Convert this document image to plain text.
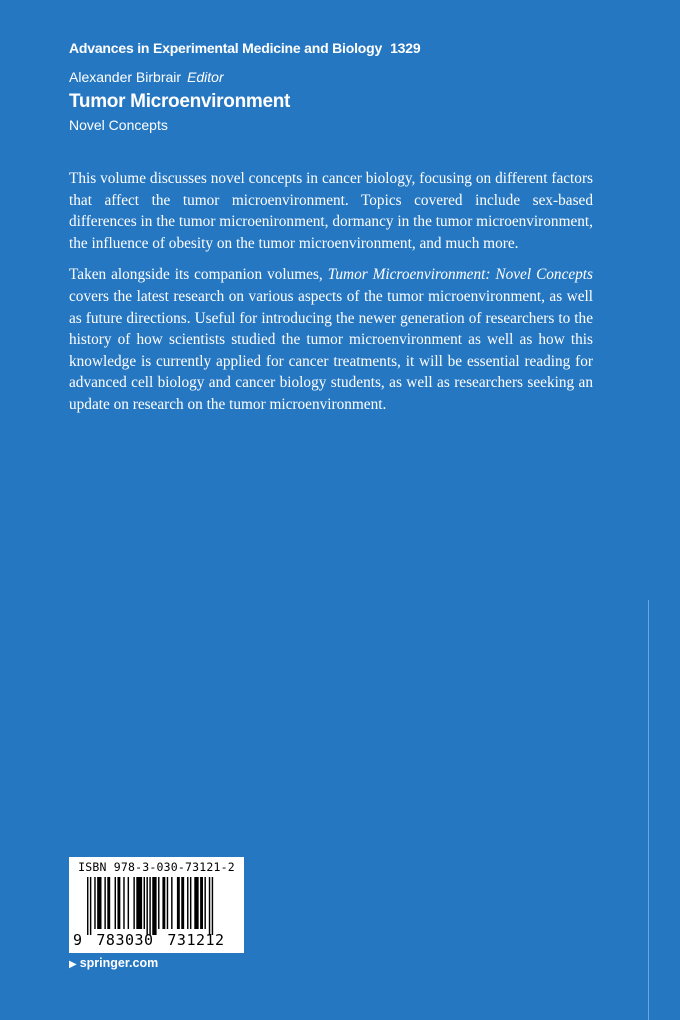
Advances in Experimental Medicine and Biology 1329
Alexander Birbrair Editor
Tumor Microenvironment
Novel Concepts

This volume discusses novel concepts in cancer biology, focusing on different factors that affect the tumor microenvironment. Topics covered include sex-based differences in the tumor microenironment, dormancy in the tumor microenvironment, the influence of obesity on the tumor microenvironment, and much more.

Taken alongside its companion volumes, Tumor Microenvironment: Novel Concepts covers the latest research on various aspects of the tumor microenvironment, as well as future directions. Useful for introducing the newer generation of researchers to the history of how scientists studied the tumor microenvironment as well as how this knowledge is currently applied for cancer treatments, it will be essential reading for advanced cell biology and cancer biology students, as well as researchers seeking an update on research on the tumor microenvironment.

ISBN 978-3-030-73121-2
9 783030 731212
▶ springer.com
